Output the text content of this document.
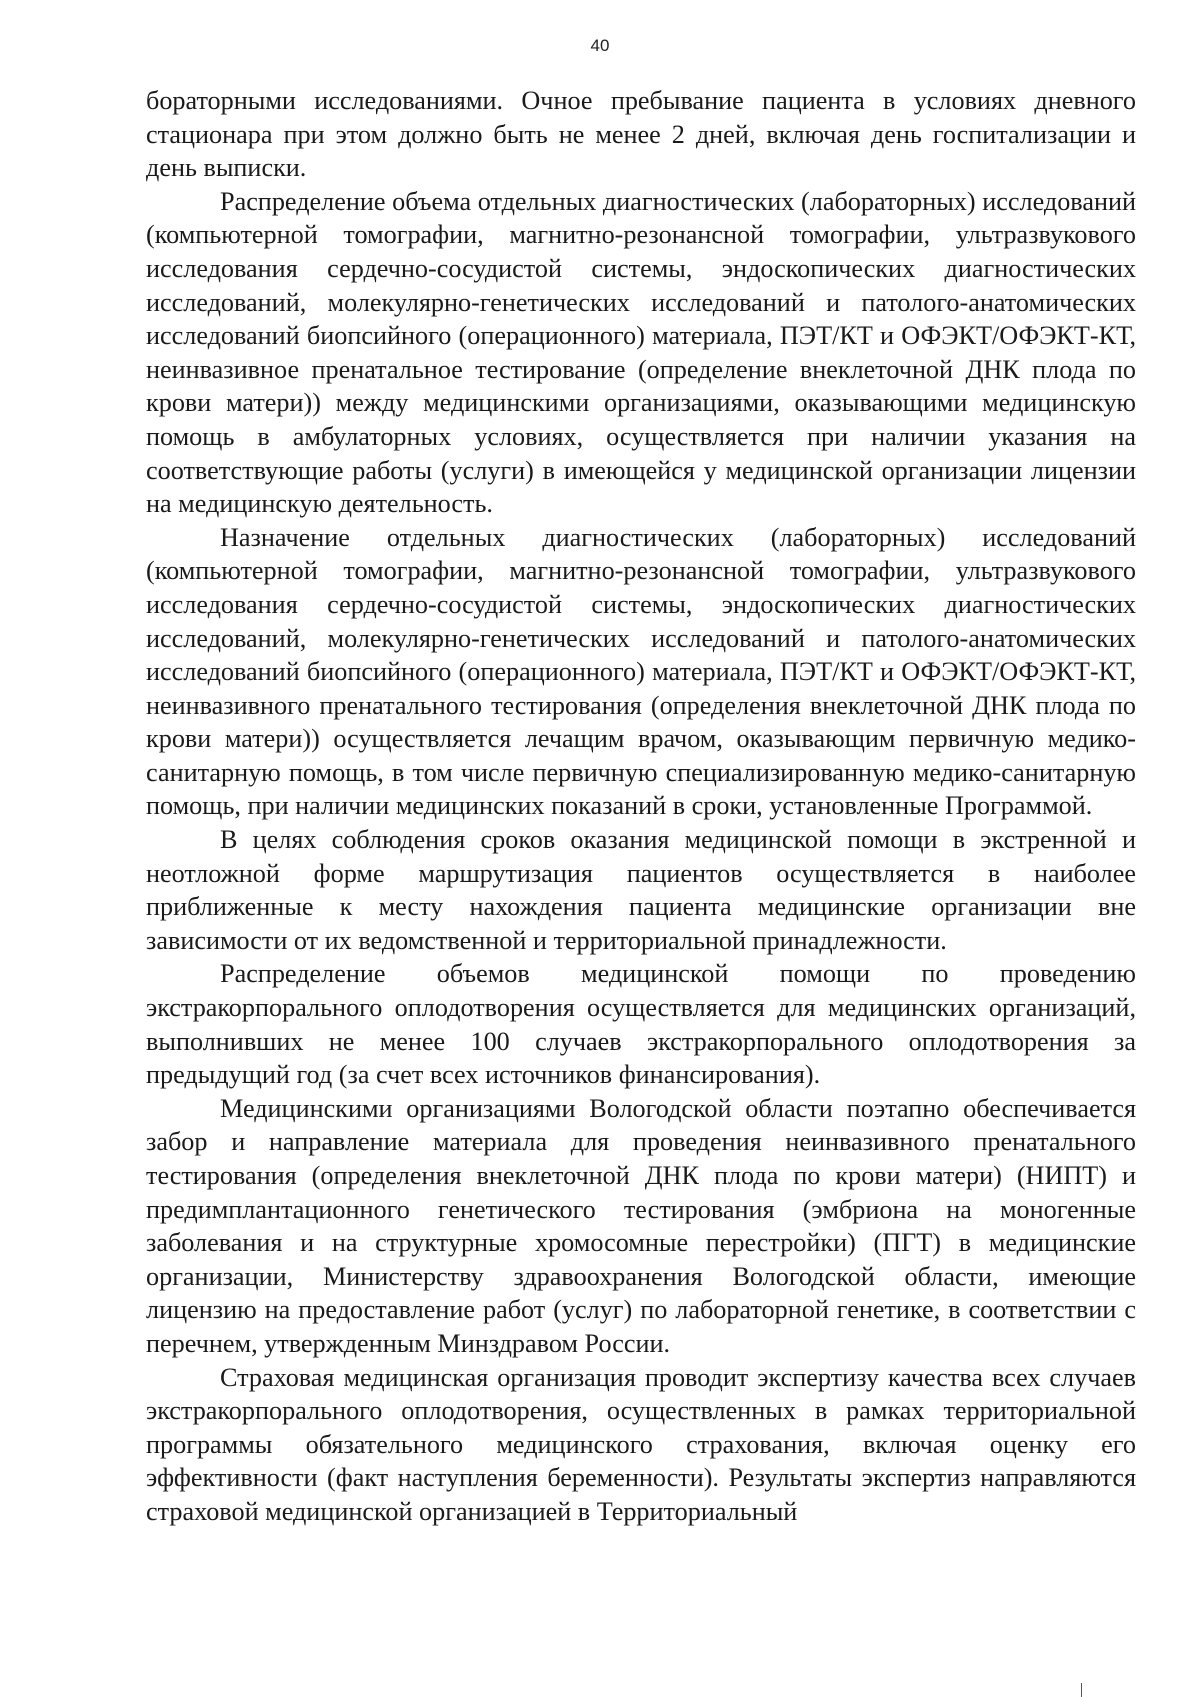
40

бораторными исследованиями. Очное пребывание пациента в условиях дневного стационара при этом должно быть не менее 2 дней, включая день госпитализации и день выписки.

Распределение объема отдельных диагностических (лабораторных) исследований (компьютерной томографии, магнитно-резонансной томографии, ультразвукового исследования сердечно-сосудистой системы, эндоскопических диагностических исследований, молекулярно-генетических исследований и патолого-анатомических исследований биопсийного (операционного) материала, ПЭТ/КТ и ОФЭКТ/ОФЭКТ-КТ, неинвазивное пренатальное тестирование (определение внеклеточной ДНК плода по крови матери)) между медицинскими организациями, оказывающими медицинскую помощь в амбулаторных условиях, осуществляется при наличии указания на соответствующие работы (услуги) в имеющейся у медицинской организации лицензии на медицинскую деятельность.

Назначение отдельных диагностических (лабораторных) исследований (компьютерной томографии, магнитно-резонансной томографии, ультразвукового исследования сердечно-сосудистой системы, эндоскопических диагностических исследований, молекулярно-генетических исследований и патолого-анатомических исследований биопсийного (операционного) материала, ПЭТ/КТ и ОФЭКТ/ОФЭКТ-КТ, неинвазивного пренатального тестирования (определения внеклеточной ДНК плода по крови матери)) осуществляется лечащим врачом, оказывающим первичную медико-санитарную помощь, в том числе первичную специализированную медико-санитарную помощь, при наличии медицинских показаний в сроки, установленные Программой.

В целях соблюдения сроков оказания медицинской помощи в экстренной и неотложной форме маршрутизация пациентов осуществляется в наиболее приближенные к месту нахождения пациента медицинские организации вне зависимости от их ведомственной и территориальной принадлежности.

Распределение объемов медицинской помощи по проведению экстракорпорального оплодотворения осуществляется для медицинских организаций, выполнивших не менее 100 случаев экстракорпорального оплодотворения за предыдущий год (за счет всех источников финансирования).

Медицинскими организациями Вологодской области поэтапно обеспечивается забор и направление материала для проведения неинвазивного пренатального тестирования (определения внеклеточной ДНК плода по крови матери) (НИПТ) и предимплантационного генетического тестирования (эмбриона на моногенные заболевания и на структурные хромосомные перестройки) (ПГТ) в медицинские организации, Министерству здравоохранения Вологодской области, имеющие лицензию на предоставление работ (услуг) по лабораторной генетике, в соответствии с перечнем, утвержденным Минздравом России.

Страховая медицинская организация проводит экспертизу качества всех случаев экстракорпорального оплодотворения, осуществленных в рамках территориальной программы обязательного медицинского страхования, включая оценку его эффективности (факт наступления беременности). Результаты экспертиз направляются страховой медицинской организацией в Территориальный
